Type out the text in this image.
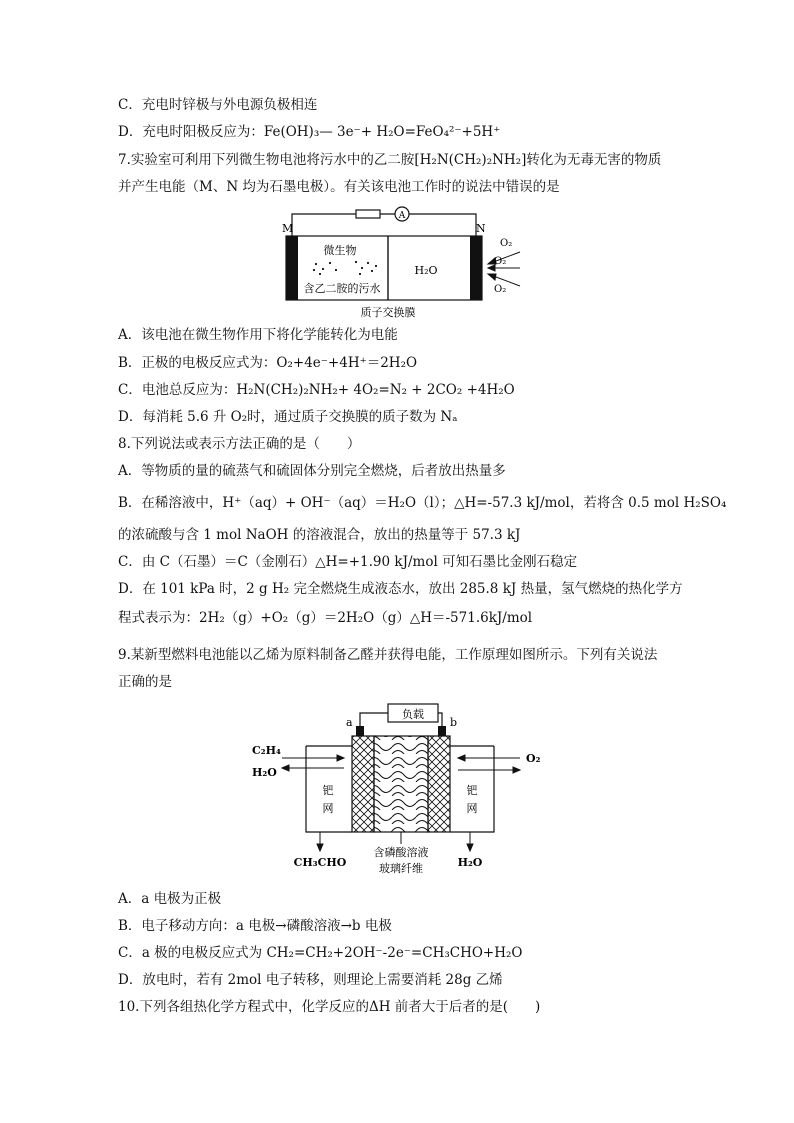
C．充电时锌极与外电源负极相连
D．充电时阳极反应为：Fe(OH)₃— 3e⁻+ H₂O=FeO₄²⁻+5H⁺
7.实验室可利用下列微生物电池将污水中的乙二胺[H₂N(CH₂)₂NH₂]转化为无毒无害的物质
并产生电能（M、N 均为石墨电极）。有关该电池工作时的说法中错误的是
A
M	N
微生物
含乙二胺的污水
H₂O
O₂
O₂
O₂
质子交换膜
A．该电池在微生物作用下将化学能转化为电能
B．正极的电极反应式为：O₂+4e⁻+4H⁺＝2H₂O
C．电池总反应为：H₂N(CH₂)₂NH₂+ 4O₂=N₂ + 2CO₂ +4H₂O
D．每消耗 5.6 升 O₂时，通过质子交换膜的质子数为 Nₐ
8.下列说法或表示方法正确的是（　　）
A．等物质的量的硫蒸气和硫固体分别完全燃烧，后者放出热量多
B．在稀溶液中，H⁺（aq）+ OH⁻（aq）＝H₂O（l）；△H=-57.3 kJ/mol，若将含 0.5 mol H₂SO₄
的浓硫酸与含 1 mol NaOH 的溶液混合，放出的热量等于 57.3 kJ
C．由 C（石墨）＝C（金刚石）△H=+1.90 kJ/mol 可知石墨比金刚石稳定
D．在 101 kPa 时，2 g H₂ 完全燃烧生成液态水，放出 285.8 kJ 热量，氢气燃烧的热化学方
程式表示为：2H₂（g）+O₂（g）＝2H₂O（g）△H＝-571.6kJ/mol
9.某新型燃料电池能以乙烯为原料制备乙醛并获得电能，工作原理如图所示。下列有关说法
正确的是
负载
a	b
C₂H₄
H₂O
钯
网
O₂
钯
网
CH₃CHO	H₂O
含磷酸溶液
玻璃纤维
A．a 电极为正极
B．电子移动方向：a 电极→磷酸溶液→b 电极
C．a 极的电极反应式为 CH₂=CH₂+2OH⁻-2e⁻=CH₃CHO+H₂O
D．放电时，若有 2mol 电子转移，则理论上需要消耗 28g 乙烯
10.下列各组热化学方程式中，化学反应的ΔH 前者大于后者的是(　　)
